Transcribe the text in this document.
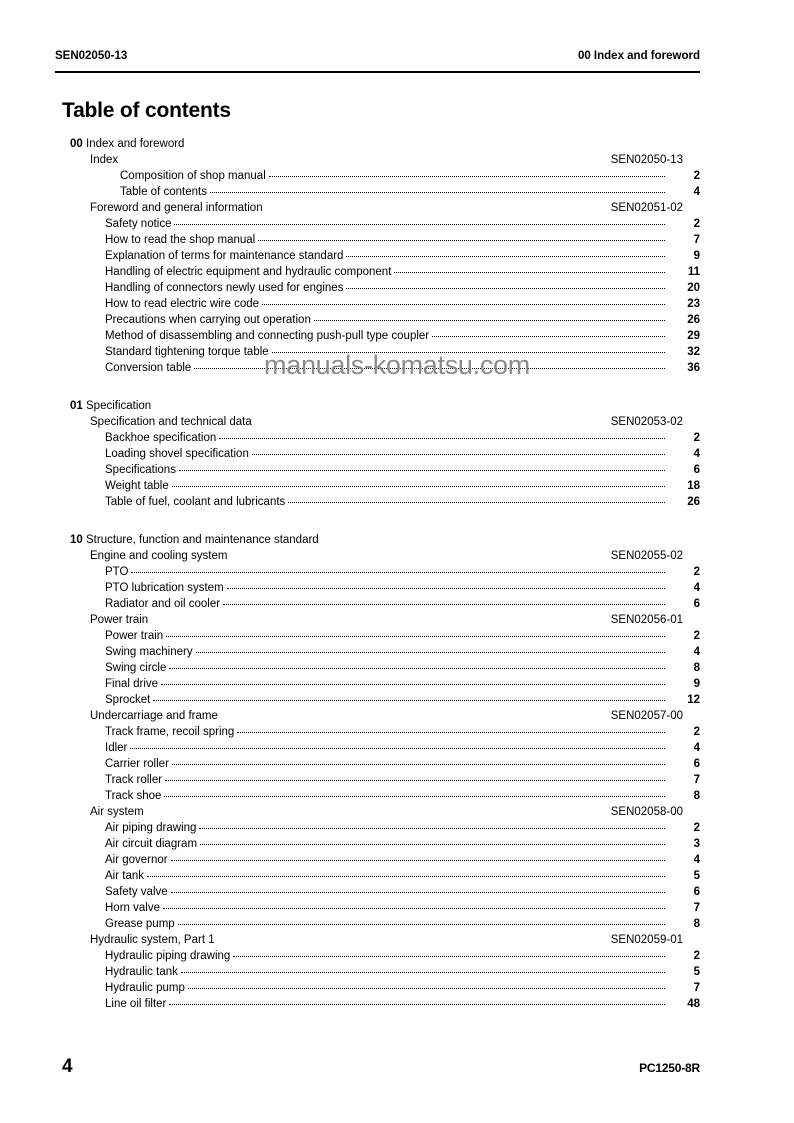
SEN02050-13	00 Index and foreword
Table of contents
00 Index and foreword
Index	SEN02050-13
Composition of shop manual	2
Table of contents	4
Foreword and general information	SEN02051-02
Safety notice	2
How to read the shop manual	7
Explanation of terms for maintenance standard	9
Handling of electric equipment and hydraulic component	11
Handling of connectors newly used for engines	20
How to read electric wire code	23
Precautions when carrying out operation	26
Method of disassembling and connecting push-pull type coupler	29
Standard tightening torque table	32
Conversion table	36
01 Specification
Specification and technical data	SEN02053-02
Backhoe specification	2
Loading shovel specification	4
Specifications	6
Weight table	18
Table of fuel, coolant and lubricants	26
10 Structure, function and maintenance standard
Engine and cooling system	SEN02055-02
PTO	2
PTO lubrication system	4
Radiator and oil cooler	6
Power train	SEN02056-01
Power train	2
Swing machinery	4
Swing circle	8
Final drive	9
Sprocket	12
Undercarriage and frame	SEN02057-00
Track frame, recoil spring	2
Idler	4
Carrier roller	6
Track roller	7
Track shoe	8
Air system	SEN02058-00
Air piping drawing	2
Air circuit diagram	3
Air governor	4
Air tank	5
Safety valve	6
Horn valve	7
Grease pump	8
Hydraulic system, Part 1	SEN02059-01
Hydraulic piping drawing	2
Hydraulic tank	5
Hydraulic pump	7
Line oil filter	48
manuals-komatsu.com
4	PC1250-8R
